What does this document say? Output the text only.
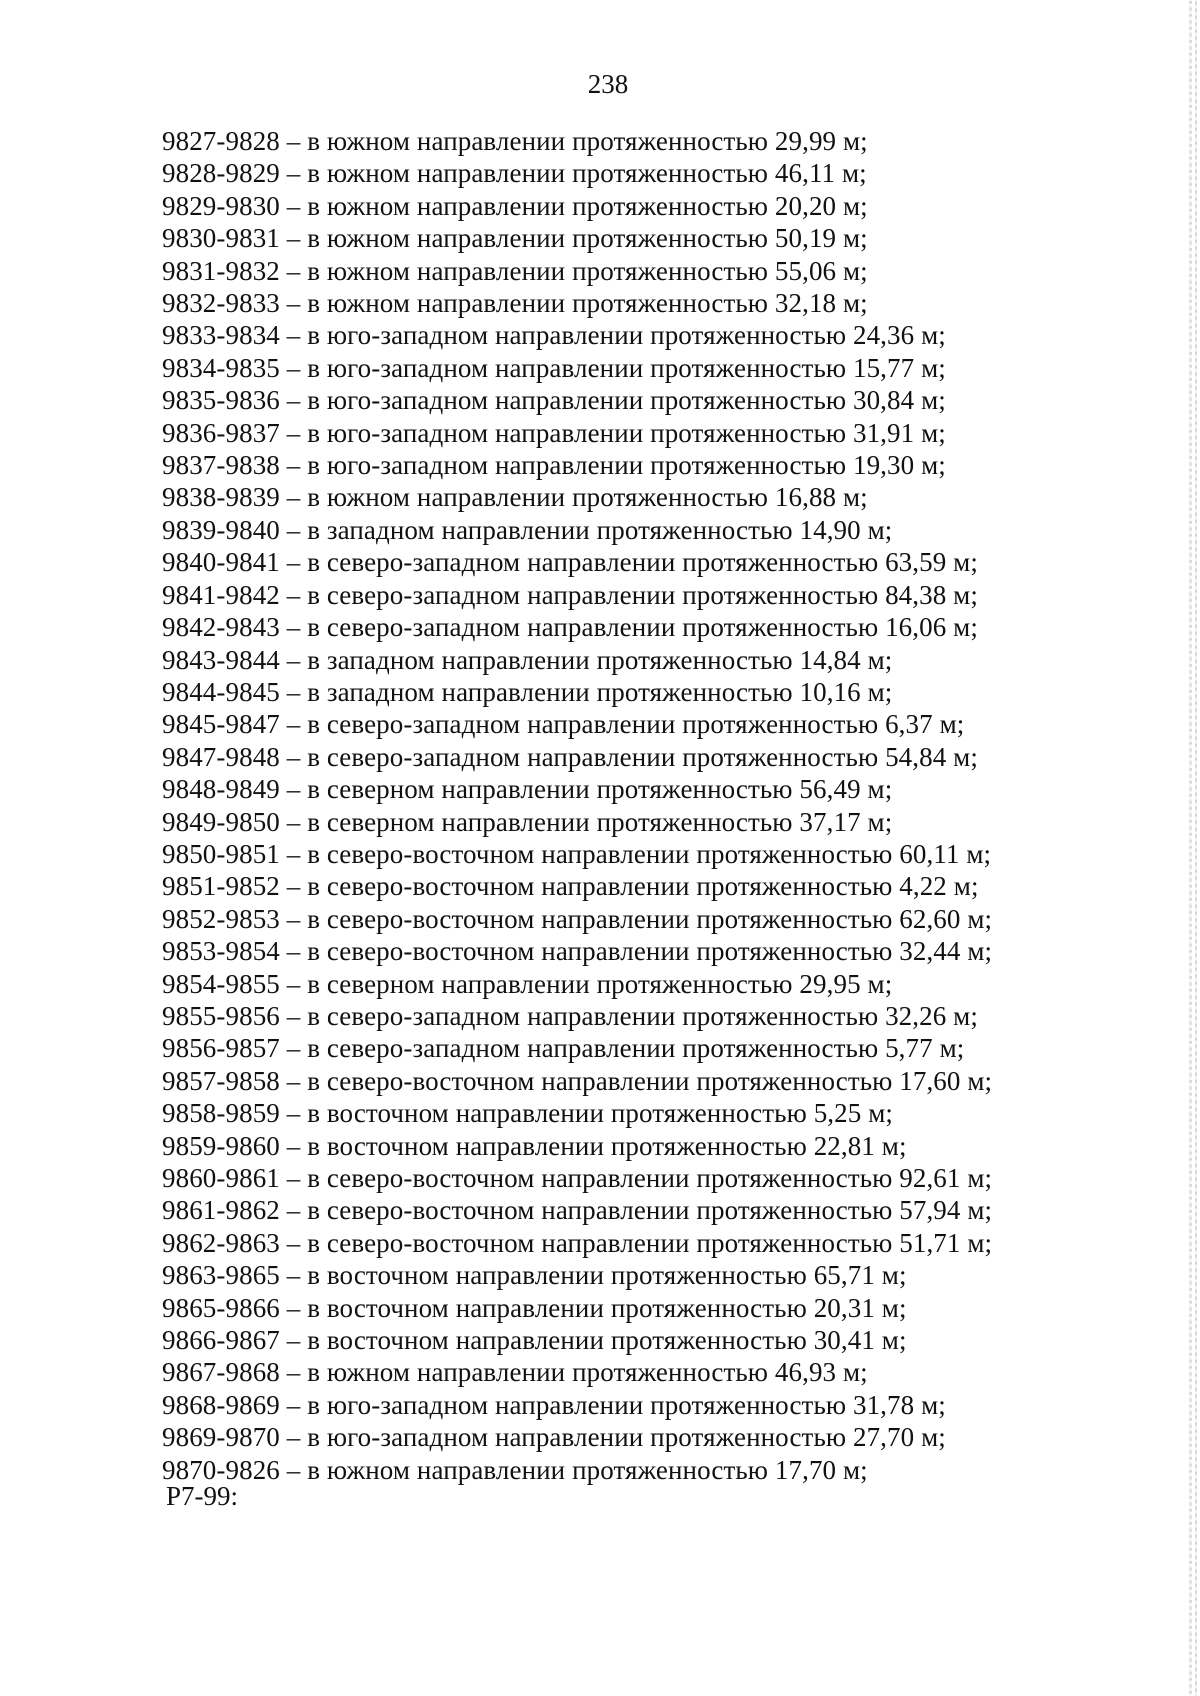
238
9827-9828 – в южном направлении протяженностью 29,99 м;
9828-9829 – в южном направлении протяженностью 46,11 м;
9829-9830 – в южном направлении протяженностью 20,20 м;
9830-9831 – в южном направлении протяженностью 50,19 м;
9831-9832 – в южном направлении протяженностью 55,06 м;
9832-9833 – в южном направлении протяженностью 32,18 м;
9833-9834 – в юго-западном направлении протяженностью 24,36 м;
9834-9835 – в юго-западном направлении протяженностью 15,77 м;
9835-9836 – в юго-западном направлении протяженностью 30,84 м;
9836-9837 – в юго-западном направлении протяженностью 31,91 м;
9837-9838 – в юго-западном направлении протяженностью 19,30 м;
9838-9839 – в южном направлении протяженностью 16,88 м;
9839-9840 – в западном направлении протяженностью 14,90 м;
9840-9841 – в северо-западном направлении протяженностью 63,59 м;
9841-9842 – в северо-западном направлении протяженностью 84,38 м;
9842-9843 – в северо-западном направлении протяженностью 16,06 м;
9843-9844 – в западном направлении протяженностью 14,84 м;
9844-9845 – в западном направлении протяженностью 10,16 м;
9845-9847 – в северо-западном направлении протяженностью 6,37 м;
9847-9848 – в северо-западном направлении протяженностью 54,84 м;
9848-9849 – в северном направлении протяженностью 56,49 м;
9849-9850 – в северном направлении протяженностью 37,17 м;
9850-9851 – в северо-восточном направлении протяженностью 60,11 м;
9851-9852 – в северо-восточном направлении протяженностью 4,22 м;
9852-9853 – в северо-восточном направлении протяженностью 62,60 м;
9853-9854 – в северо-восточном направлении протяженностью 32,44 м;
9854-9855 – в северном направлении протяженностью 29,95 м;
9855-9856 – в северо-западном направлении протяженностью 32,26 м;
9856-9857 – в северо-западном направлении протяженностью 5,77 м;
9857-9858 – в северо-восточном направлении протяженностью 17,60 м;
9858-9859 – в восточном направлении протяженностью 5,25 м;
9859-9860 – в восточном направлении протяженностью 22,81 м;
9860-9861 – в северо-восточном направлении протяженностью 92,61 м;
9861-9862 – в северо-восточном направлении протяженностью 57,94 м;
9862-9863 – в северо-восточном направлении протяженностью 51,71 м;
9863-9865 – в восточном направлении протяженностью 65,71 м;
9865-9866 – в восточном направлении протяженностью 20,31 м;
9866-9867 – в восточном направлении протяженностью 30,41 м;
9867-9868 – в южном направлении протяженностью 46,93 м;
9868-9869 – в юго-западном направлении протяженностью 31,78 м;
9869-9870 – в юго-западном направлении протяженностью 27,70 м;
9870-9826 – в южном направлении протяженностью 17,70 м;
Р7-99:
